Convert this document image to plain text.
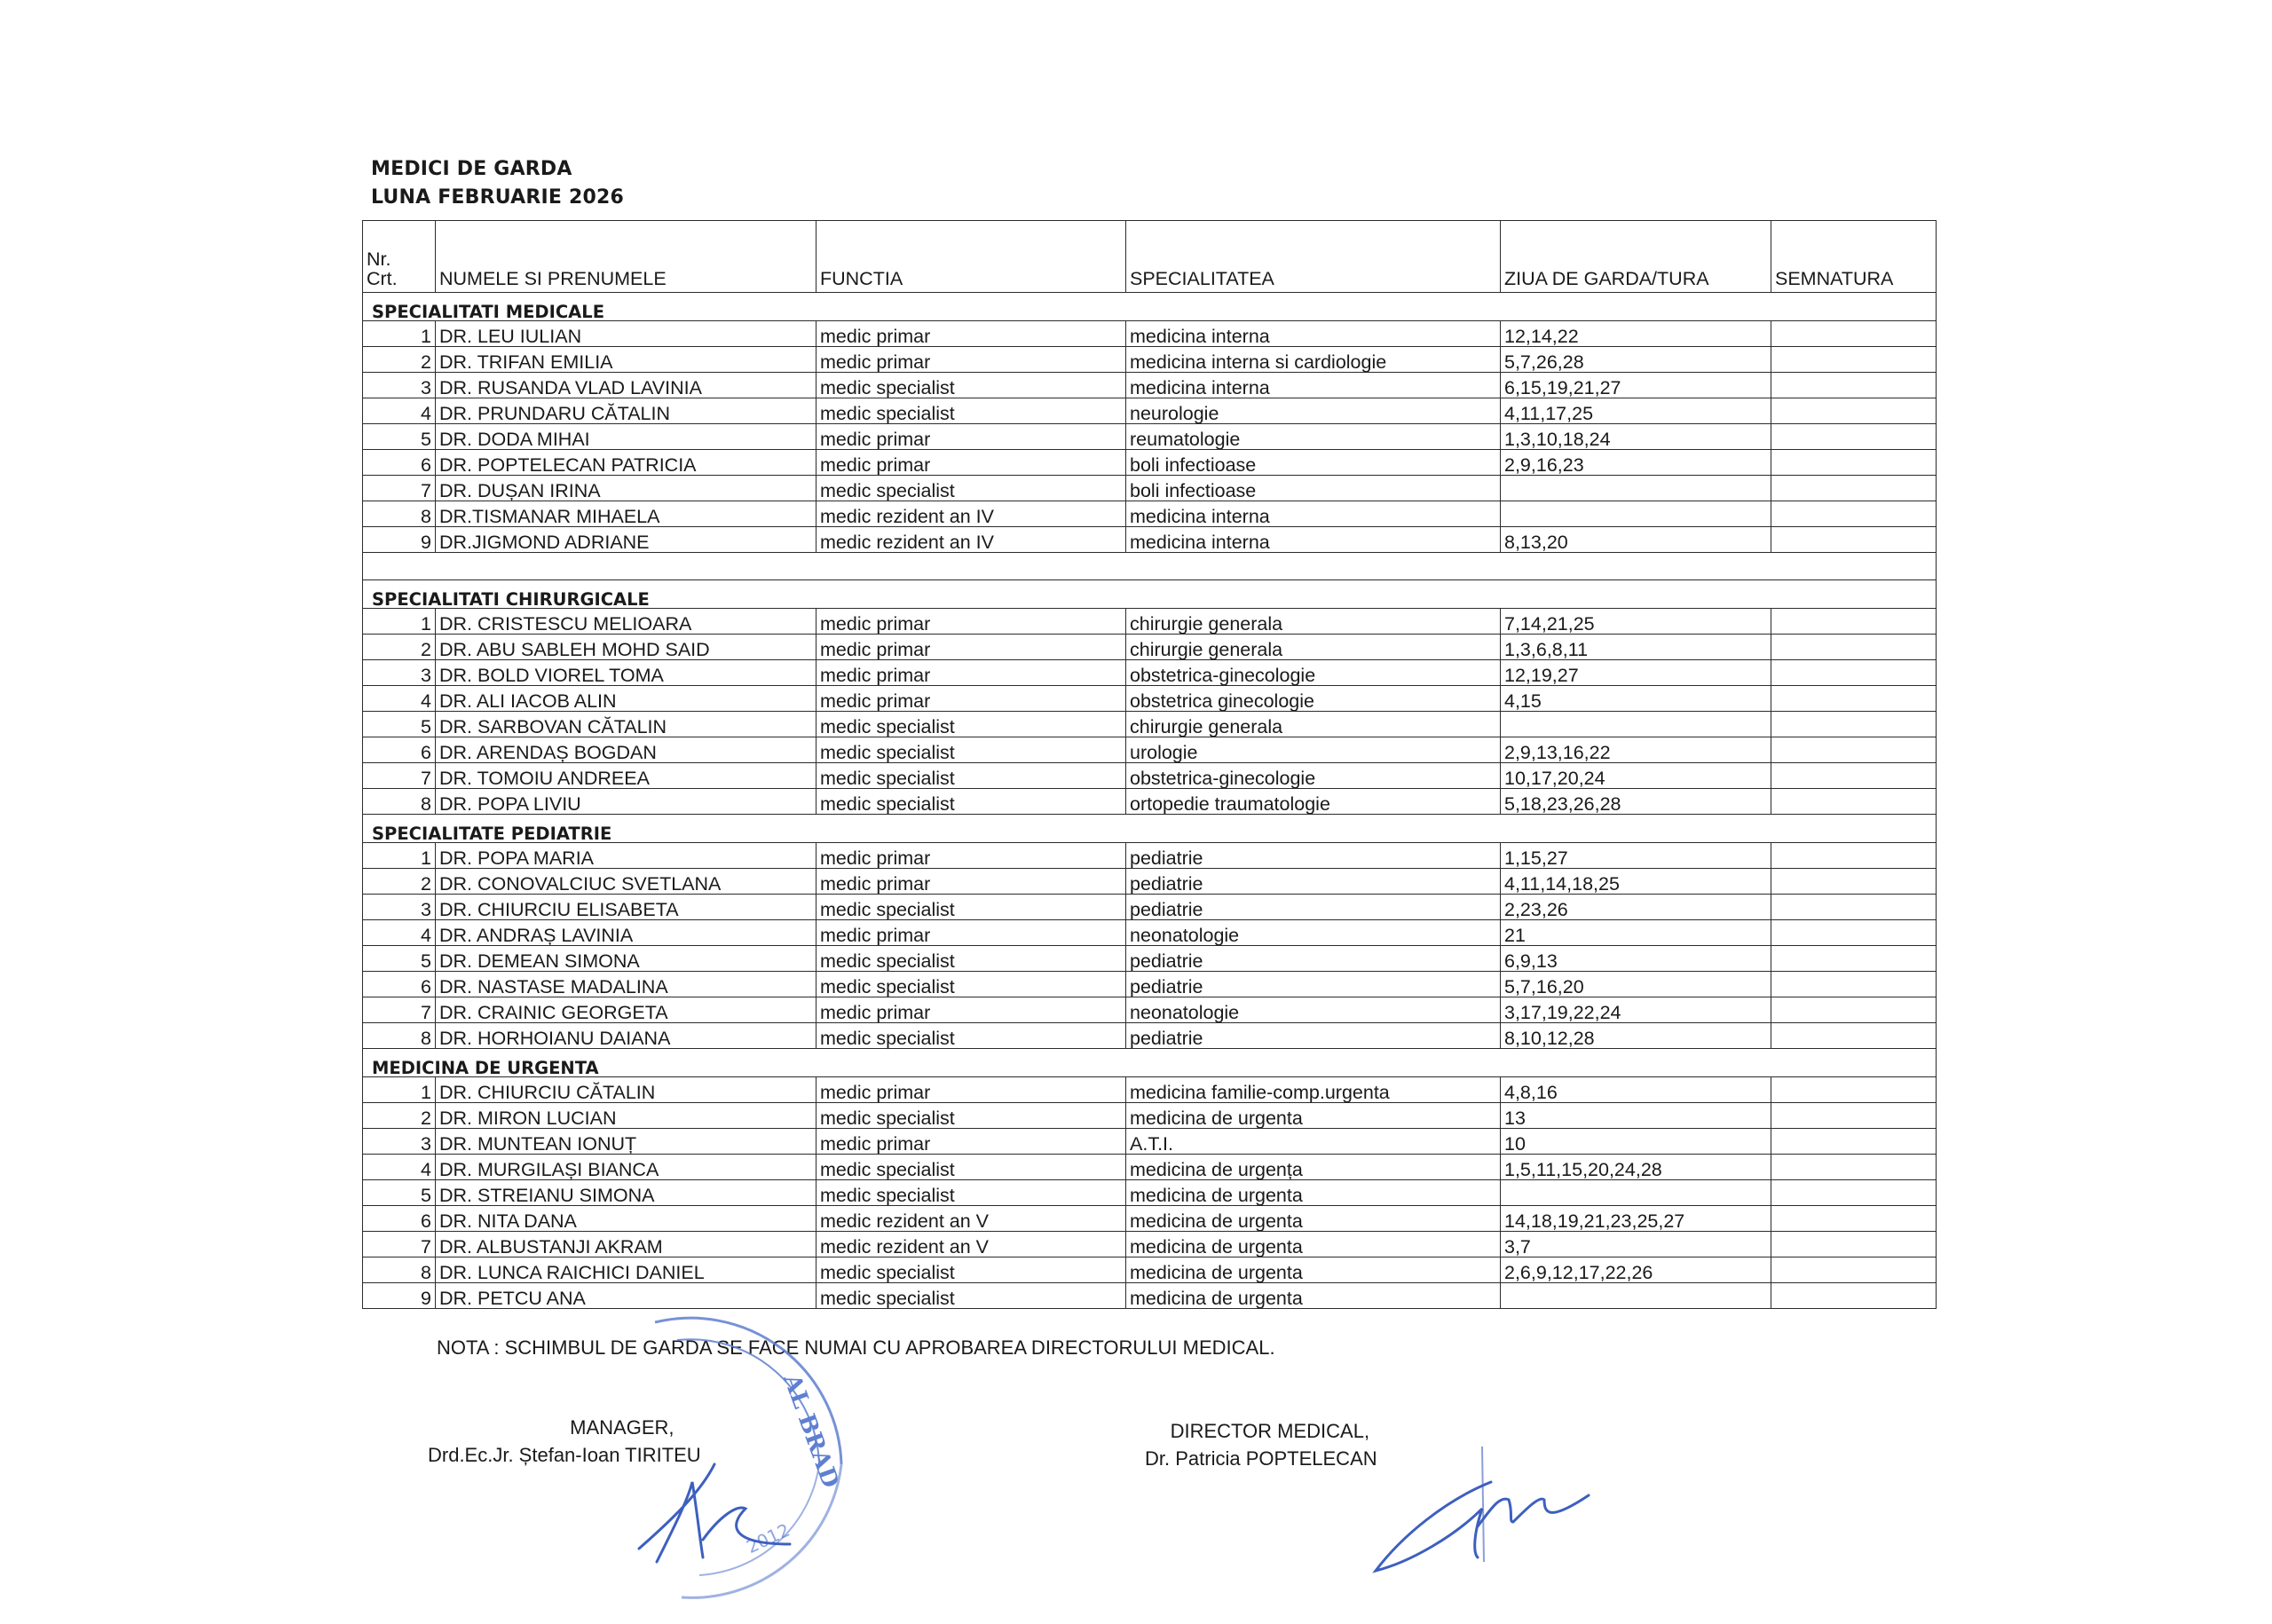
MEDICI DE GARDA
LUNA FEBRUARIE 2026
Nr.
Crt.	NUMELE SI PRENUMELE	FUNCTIA	SPECIALITATEA	ZIUA DE GARDA/TURA	SEMNATURA
SPECIALITATI MEDICALE					
1	DR. LEU IULIAN	medic primar	medicina interna	12,14,22	
2	DR. TRIFAN EMILIA	medic primar	medicina interna si cardiologie	5,7,26,28	
3	DR. RUSANDA VLAD LAVINIA	medic specialist	medicina interna	6,15,19,21,27	
4	DR. PRUNDARU CĂTALIN	medic specialist	neurologie	4,11,17,25	
5	DR. DODA MIHAI	medic primar	reumatologie	1,3,10,18,24	
6	DR. POPTELECAN PATRICIA	medic primar	boli infectioase	2,9,16,23	
7	DR. DUȘAN IRINA	medic specialist	boli infectioase		
8	DR.TISMANAR MIHAELA	medic rezident an IV	medicina interna		
9	DR.JIGMOND ADRIANE	medic rezident an IV	medicina interna	8,13,20	

SPECIALITATI CHIRURGICALE					
1	DR. CRISTESCU MELIOARA	medic primar	chirurgie generala	7,14,21,25	
2	DR. ABU SABLEH MOHD SAID	medic primar	chirurgie generala	1,3,6,8,11	
3	DR. BOLD VIOREL TOMA	medic primar	obstetrica-ginecologie	12,19,27	
4	DR. ALI IACOB ALIN	medic primar	obstetrica ginecologie	4,15	
5	DR. SARBOVAN CĂTALIN	medic specialist	chirurgie generala		
6	DR. ARENDAȘ BOGDAN	medic specialist	urologie	2,9,13,16,22	
7	DR. TOMOIU ANDREEA	medic specialist	obstetrica-ginecologie	10,17,20,24	
8	DR. POPA LIVIU	medic specialist	ortopedie traumatologie	5,18,23,26,28	
SPECIALITATE PEDIATRIE					
1	DR. POPA MARIA	medic primar	pediatrie	1,15,27	
2	DR. CONOVALCIUC SVETLANA	medic primar	pediatrie	4,11,14,18,25	
3	DR. CHIURCIU ELISABETA	medic specialist	pediatrie	2,23,26	
4	DR. ANDRAȘ LAVINIA	medic primar	neonatologie	21	
5	DR. DEMEAN SIMONA	medic specialist	pediatrie	6,9,13	
6	DR. NASTASE MADALINA	medic specialist	pediatrie	5,7,16,20	
7	DR. CRAINIC GEORGETA	medic primar	neonatologie	3,17,19,22,24	
8	DR. HORHOIANU DAIANA	medic specialist	pediatrie	8,10,12,28	
MEDICINA DE URGENTA					
1	DR. CHIURCIU CĂTALIN	medic primar	medicina familie-comp.urgenta	4,8,16	
2	DR. MIRON LUCIAN	medic specialist	medicina de urgenta	13	
3	DR. MUNTEAN IONUȚ	medic primar	A.T.I.	10	
4	DR. MURGILAȘI BIANCA	medic specialist	medicina de urgența	1,5,11,15,20,24,28	
5	DR. STREIANU SIMONA	medic specialist	medicina de urgenta		
6	DR. NITA DANA	medic rezident an V	medicina de urgenta	14,18,19,21,23,25,27	
7	DR. ALBUSTANJI AKRAM	medic rezident an V	medicina de urgenta	3,7	
8	DR. LUNCA RAICHICI DANIEL	medic specialist	medicina de urgenta	2,6,9,12,17,22,26	
9	DR. PETCU ANA	medic specialist	medicina de urgenta		
NOTA : SCHIMBUL DE GARDA SE FACE NUMAI CU APROBAREA DIRECTORULUI MEDICAL.
AL BRAD
2012
MANAGER,
Drd.Ec.Jr. Ștefan-Ioan TIRITEU
DIRECTOR MEDICAL,
Dr. Patricia POPTELECAN
